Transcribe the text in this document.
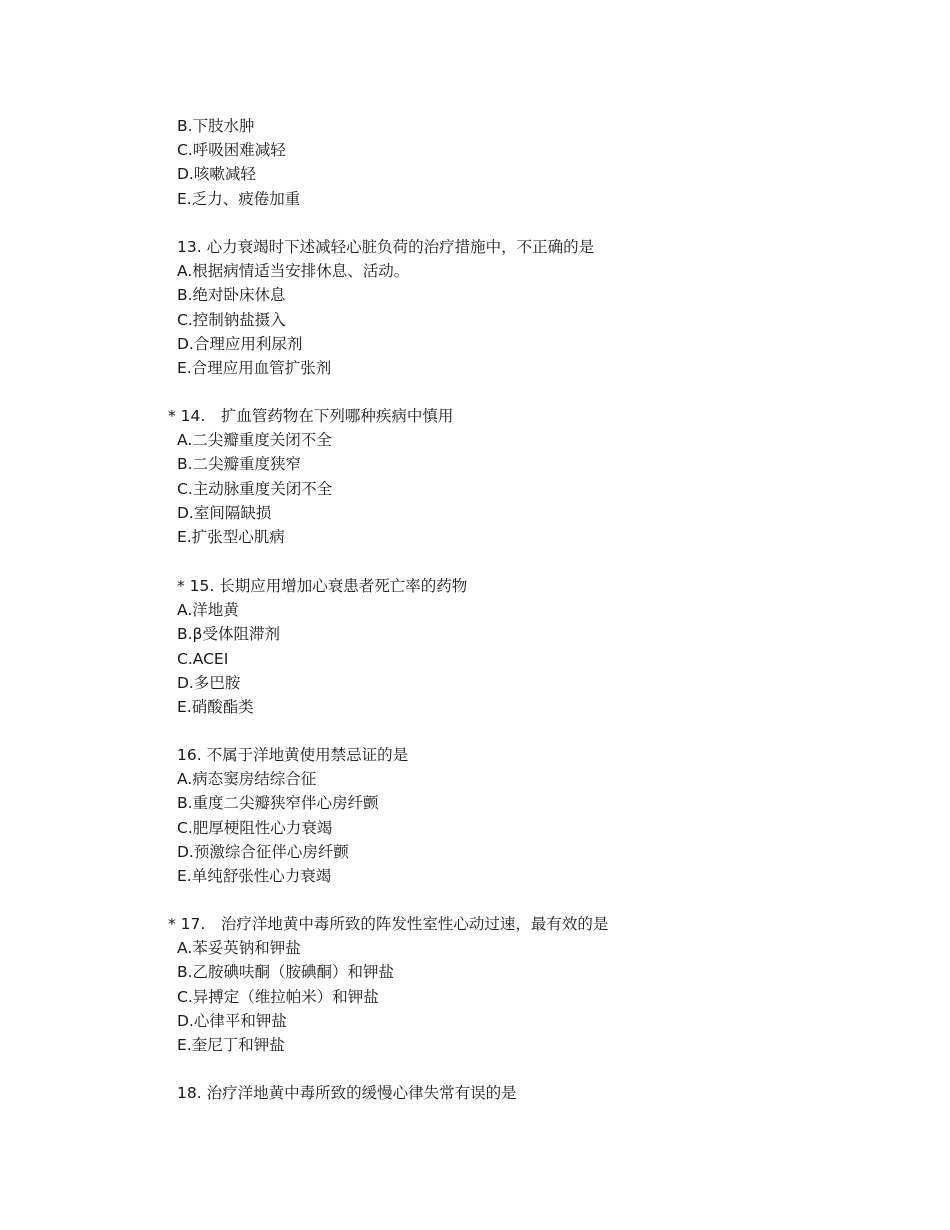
B.下肢水肿
C.呼吸困难减轻
D.咳嗽减轻
E.乏力、疲倦加重
13. 心力衰竭时下述减轻心脏负荷的治疗措施中，不正确的是
A.根据病情适当安排休息、活动。
B.绝对卧床休息
C.控制钠盐摄入
D.合理应用利尿剂
E.合理应用血管扩张剂
* 14.　扩血管药物在下列哪种疾病中慎用
A.二尖瓣重度关闭不全
B.二尖瓣重度狭窄
C.主动脉重度关闭不全
D.室间隔缺损
E.扩张型心肌病
* 15. 长期应用增加心衰患者死亡率的药物
A.洋地黄
B.β受体阻滞剂
C.ACEI
D.多巴胺
E.硝酸酯类
16. 不属于洋地黄使用禁忌证的是
A.病态窦房结综合征
B.重度二尖瓣狭窄伴心房纤颤
C.肥厚梗阻性心力衰竭
D.预激综合征伴心房纤颤
E.单纯舒张性心力衰竭
* 17.　治疗洋地黄中毒所致的阵发性室性心动过速，最有效的是
A.苯妥英钠和钾盐
B.乙胺碘呋酮（胺碘酮）和钾盐
C.异搏定（维拉帕米）和钾盐
D.心律平和钾盐
E.奎尼丁和钾盐
18. 治疗洋地黄中毒所致的缓慢心律失常有误的是
